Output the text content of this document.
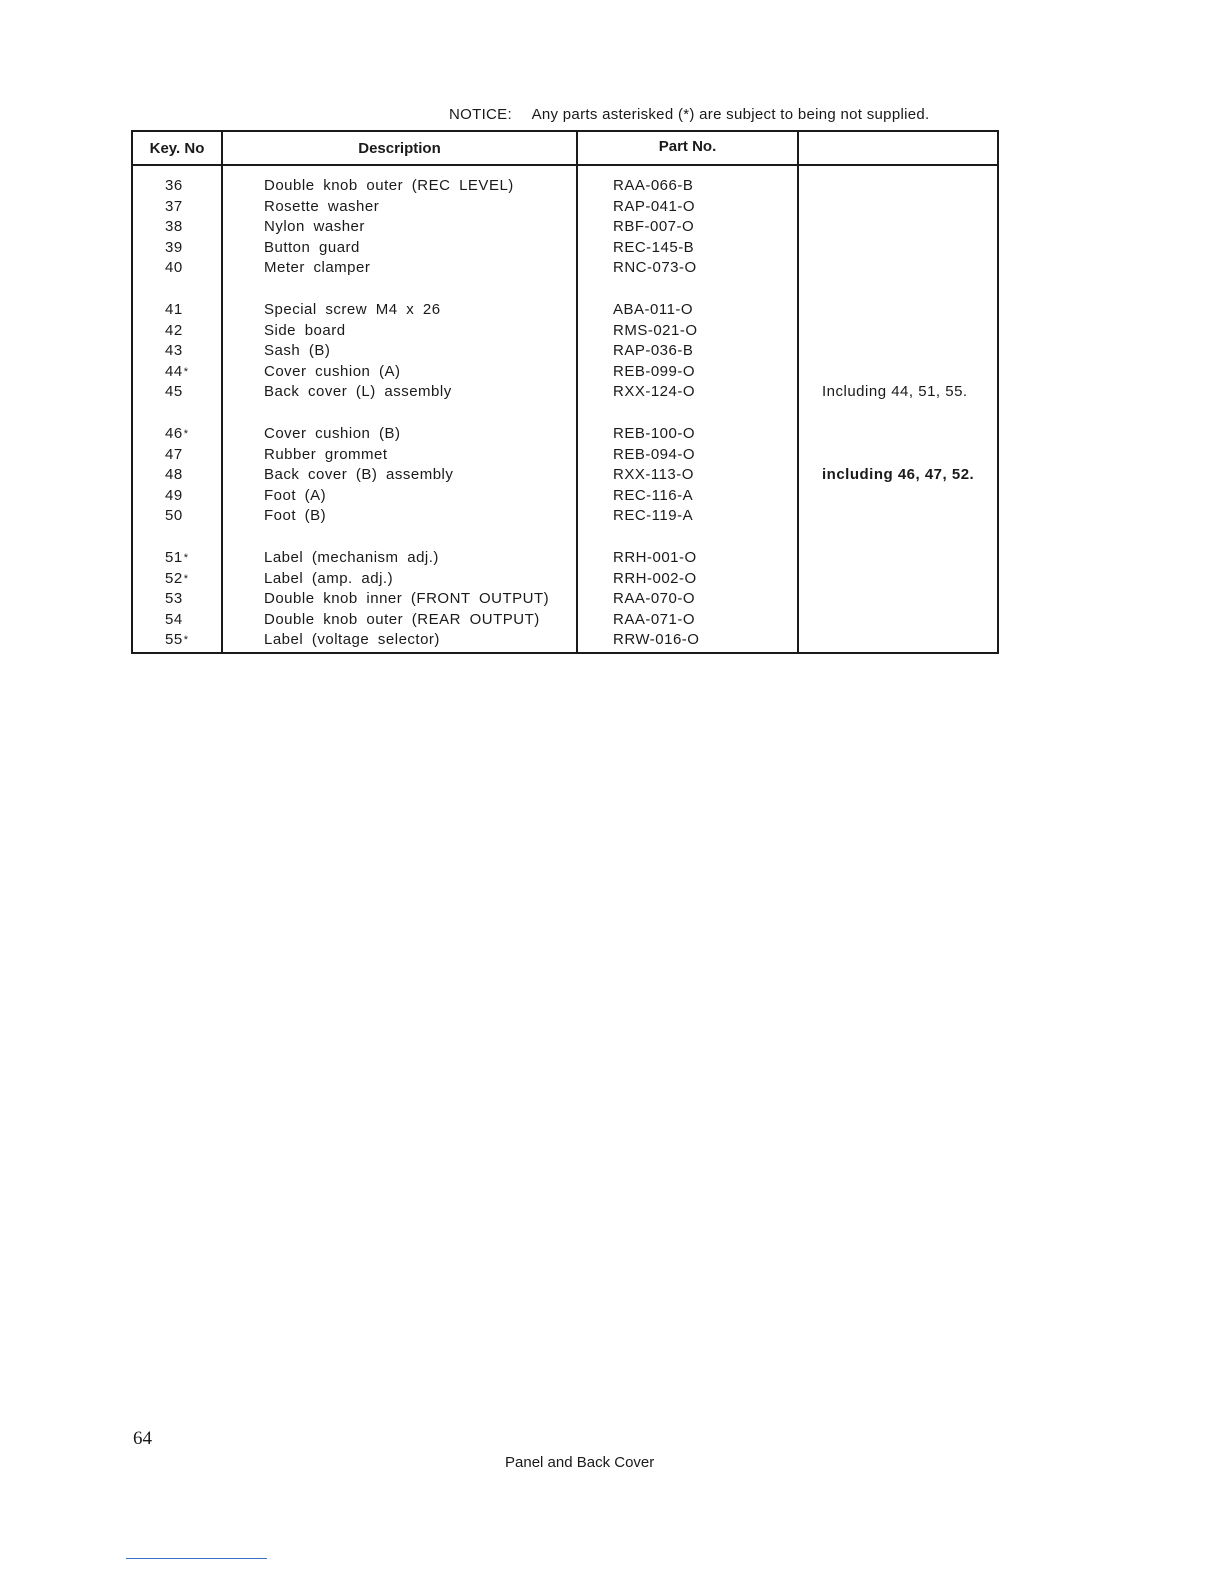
NOTICE: Any parts asterisked (*) are subject to being not supplied.
Key. No	Description	Part No.
36	Double knob outer (REC LEVEL)	RAA-066-B
37	Rosette washer	RAP-041-O
38	Nylon washer	RBF-007-O
39	Button guard	REC-145-B
40	Meter clamper	RNC-073-O
41	Special screw M4 x 26	ABA-011-O
42	Side board	RMS-021-O
43	Sash (B)	RAP-036-B
44*	Cover cushion (A)	REB-099-O
45	Back cover (L) assembly	RXX-124-O	Including 44, 51, 55.
46*	Cover cushion (B)	REB-100-O
47	Rubber grommet	REB-094-O
48	Back cover (B) assembly	RXX-113-O	including 46, 47, 52.
49	Foot (A)	REC-116-A
50	Foot (B)	REC-119-A
51*	Label (mechanism adj.)	RRH-001-O
52*	Label (amp. adj.)	RRH-002-O
53	Double knob inner (FRONT OUTPUT)	RAA-070-O
54	Double knob outer (REAR OUTPUT)	RAA-071-O
55*	Label (voltage selector)	RRW-016-O
64
Panel and Back Cover
